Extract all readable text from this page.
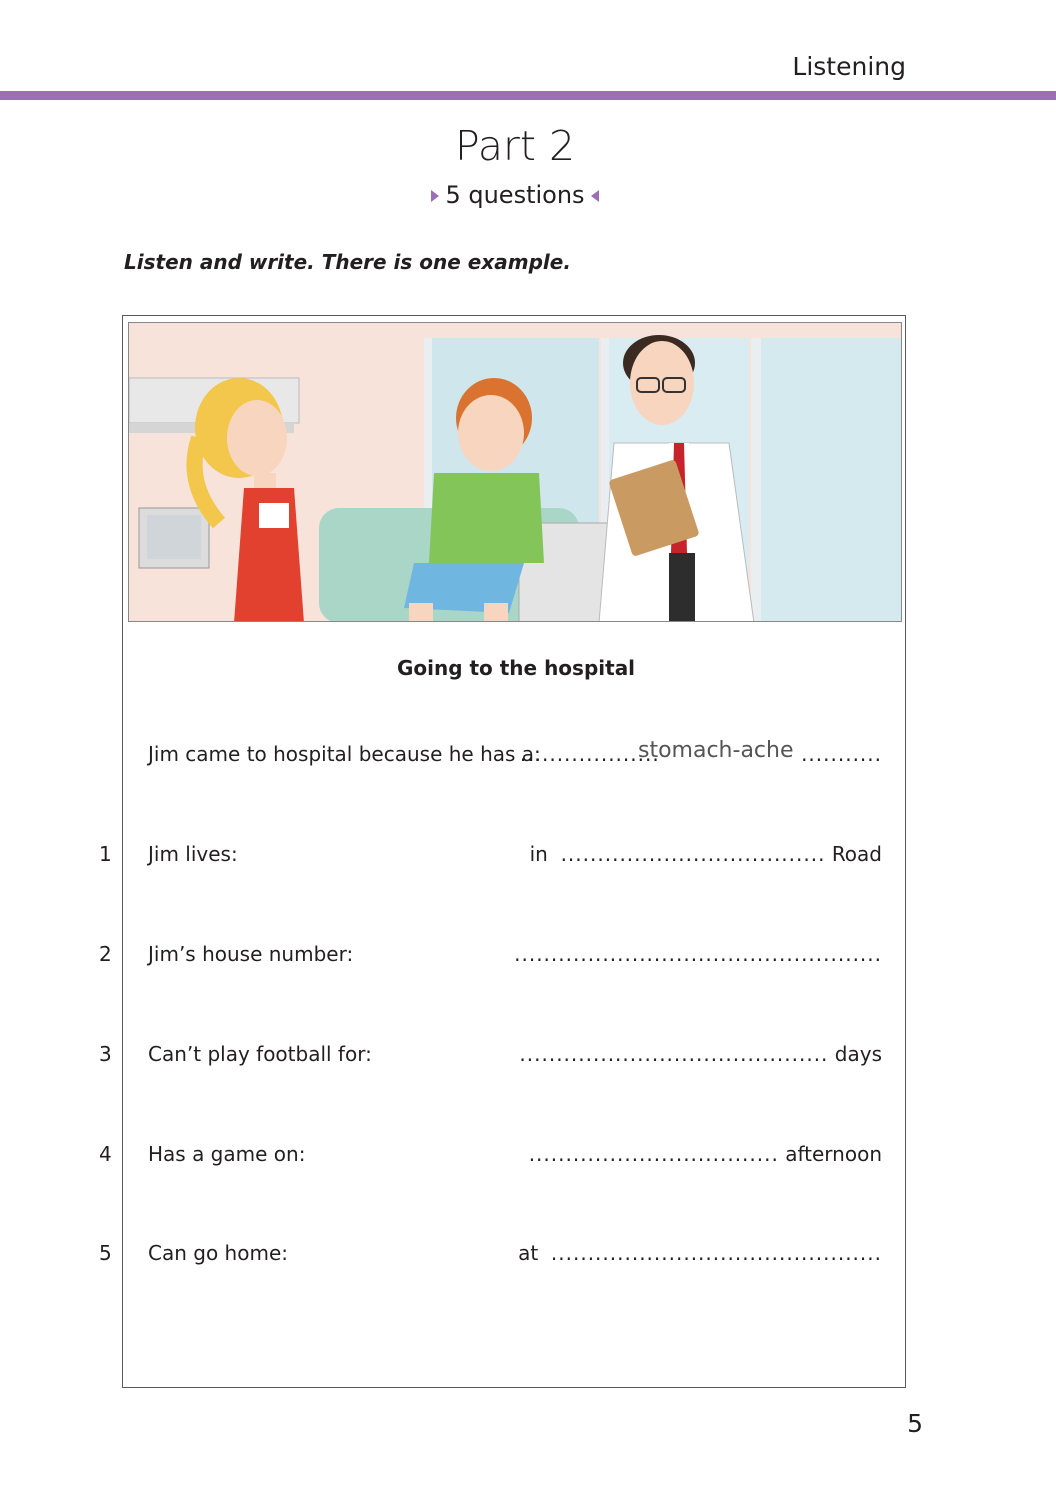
Listening
Part 2
5 questions
Listen and write. There is one example.
Going to the hospital
Jim came to hospital because he has a:
...................	...........
stomach-ache
1 Jim lives:	in .................................... Road
2 Jim’s house number:	..................................................
3 Can’t play football for:	.......................................... days
4 Has a game on:	.................................. afternoon
5 Can go home:	at .............................................
5
